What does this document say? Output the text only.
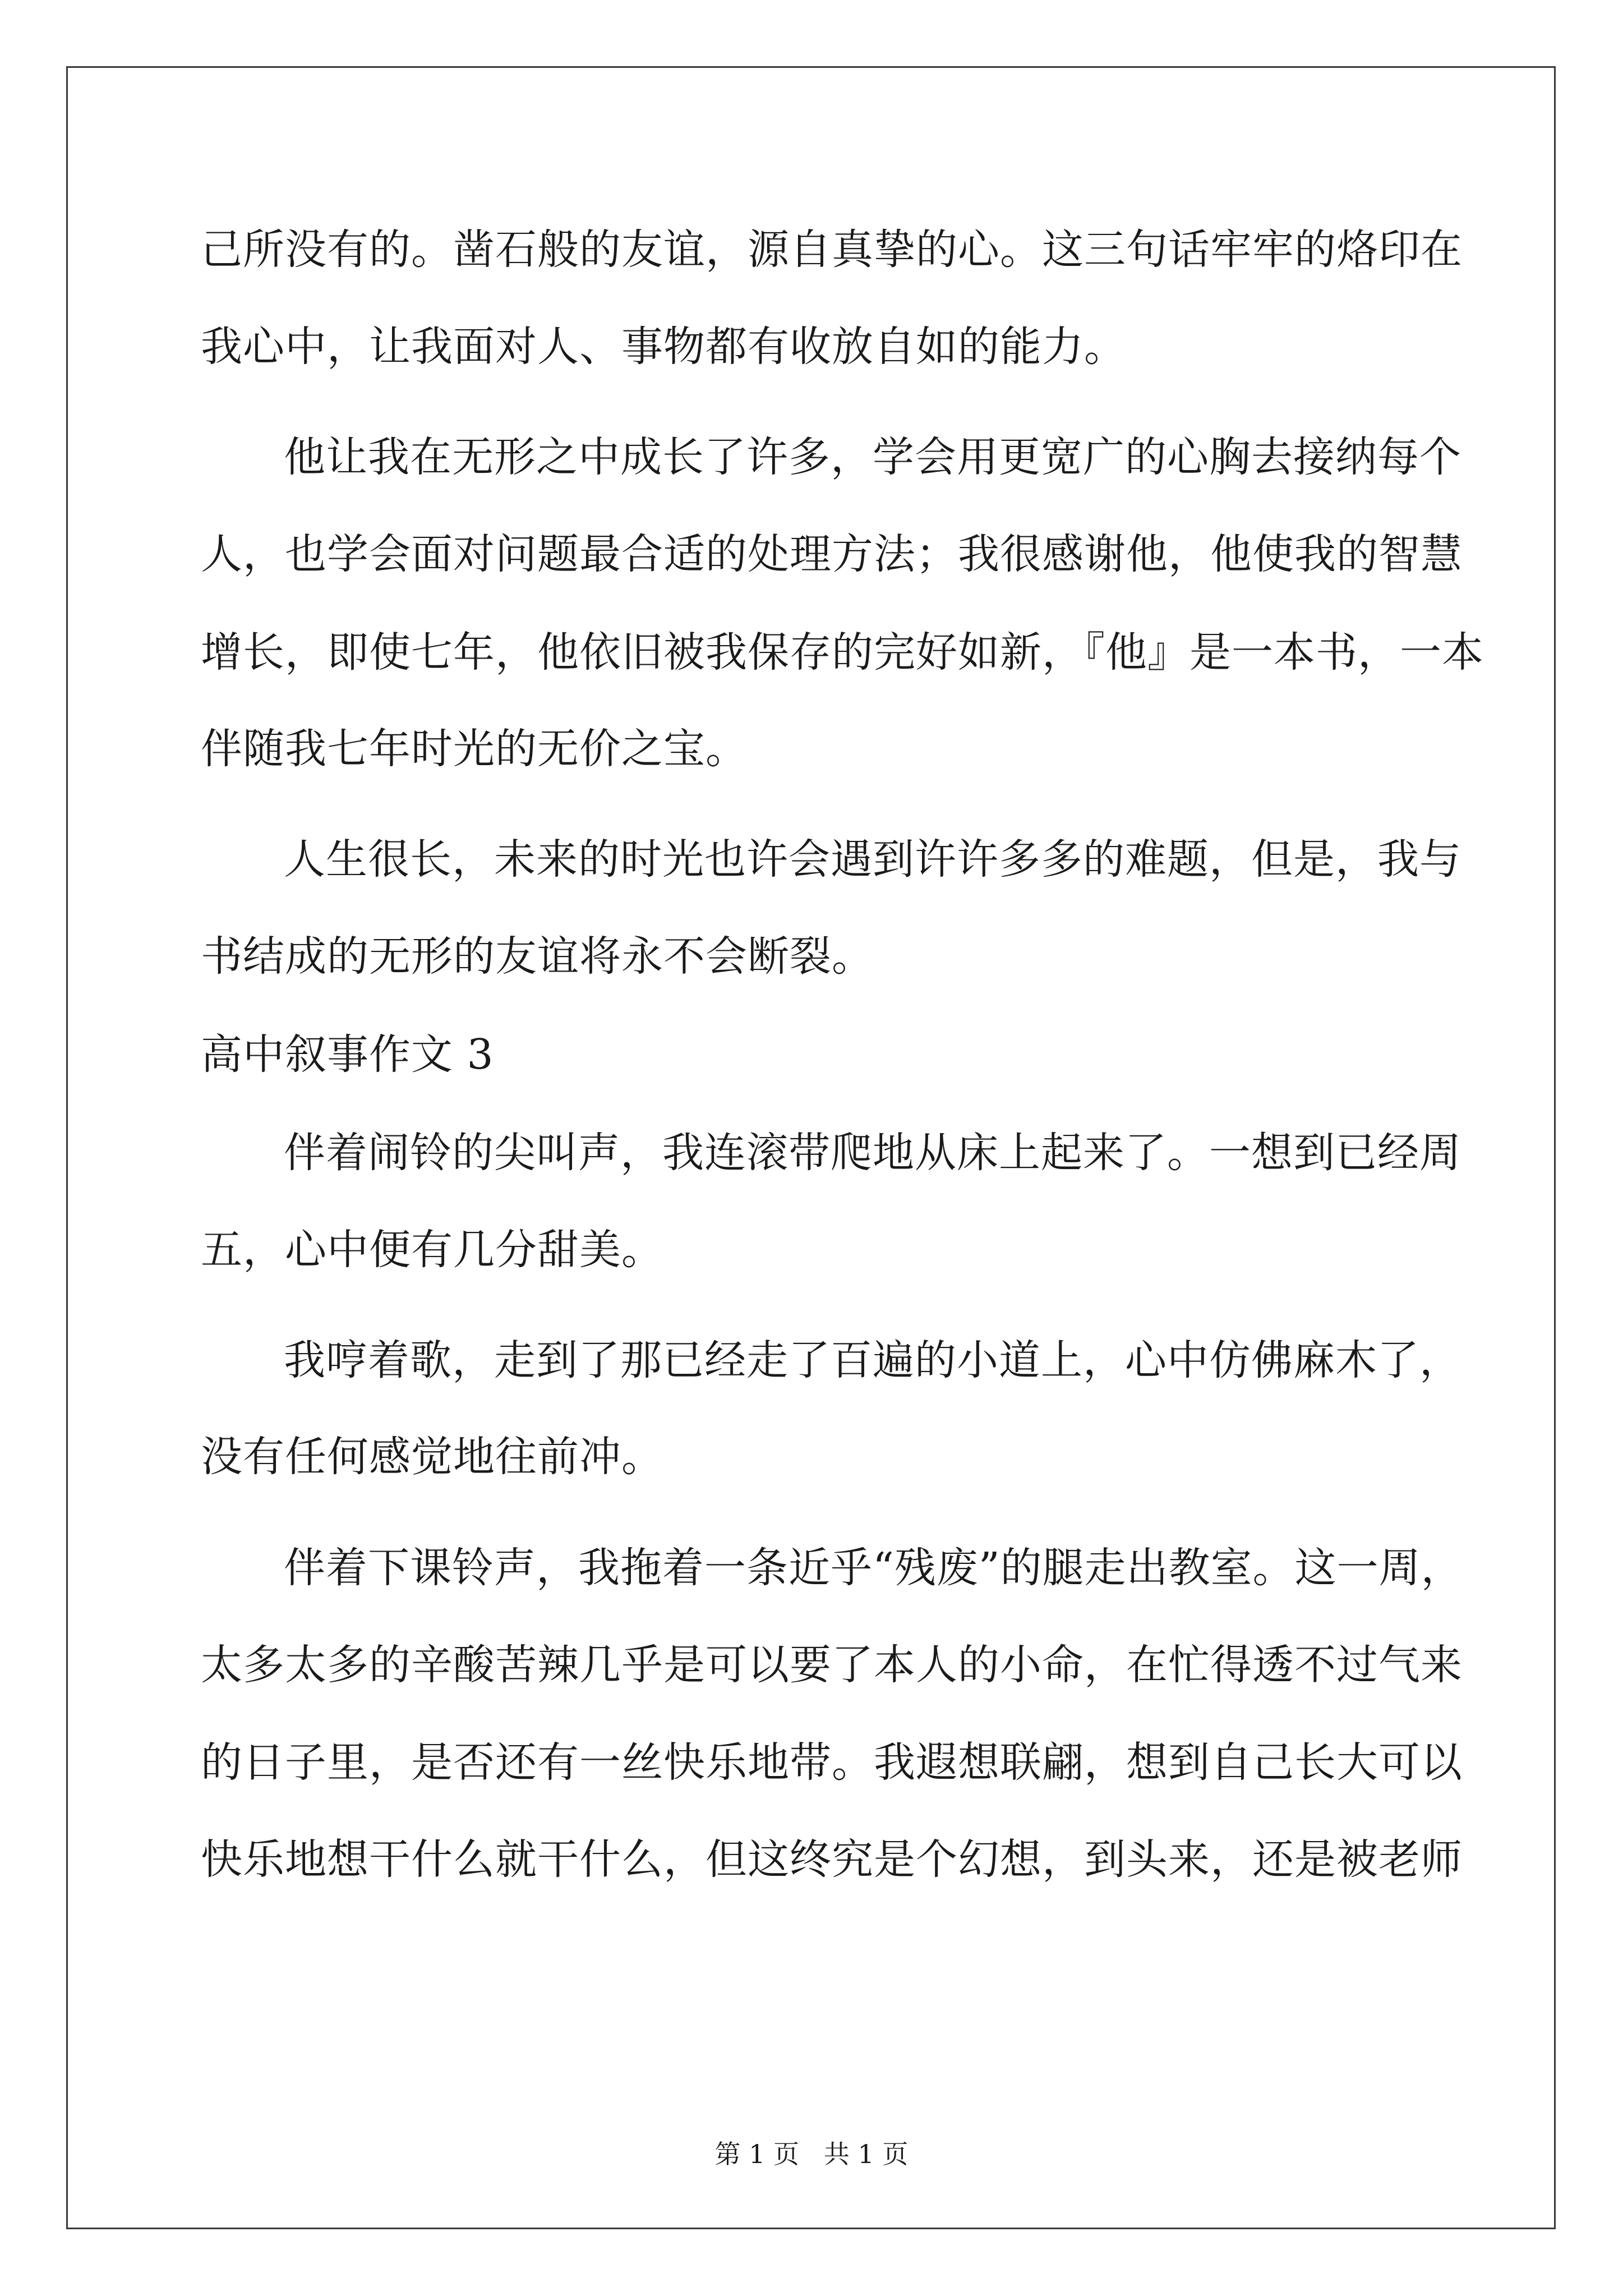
己所没有的。凿石般的友谊，源自真挚的心。这三句话牢牢的烙印在
我心中，让我面对人、事物都有收放自如的能力。
他让我在无形之中成长了许多，学会用更宽广的心胸去接纳每个
人，也学会面对问题最合适的处理方法；我很感谢他，他使我的智慧
增长，即使七年，他依旧被我保存的完好如新，『他』是一本书，一本
伴随我七年时光的无价之宝。
人生很长，未来的时光也许会遇到许许多多的难题，但是，我与
书结成的无形的友谊将永不会断裂。
高中叙事作文 3
伴着闹铃的尖叫声，我连滚带爬地从床上起来了。一想到已经周
五，心中便有几分甜美。
我哼着歌，走到了那已经走了百遍的小道上，心中仿佛麻木了，
没有任何感觉地往前冲。
伴着下课铃声，我拖着一条近乎“残废”的腿走出教室。这一周，
太多太多的辛酸苦辣几乎是可以要了本人的小命，在忙得透不过气来
的日子里，是否还有一丝快乐地带。我遐想联翩，想到自己长大可以
快乐地想干什么就干什么，但这终究是个幻想，到头来，还是被老师
第 1 页   共 1 页
